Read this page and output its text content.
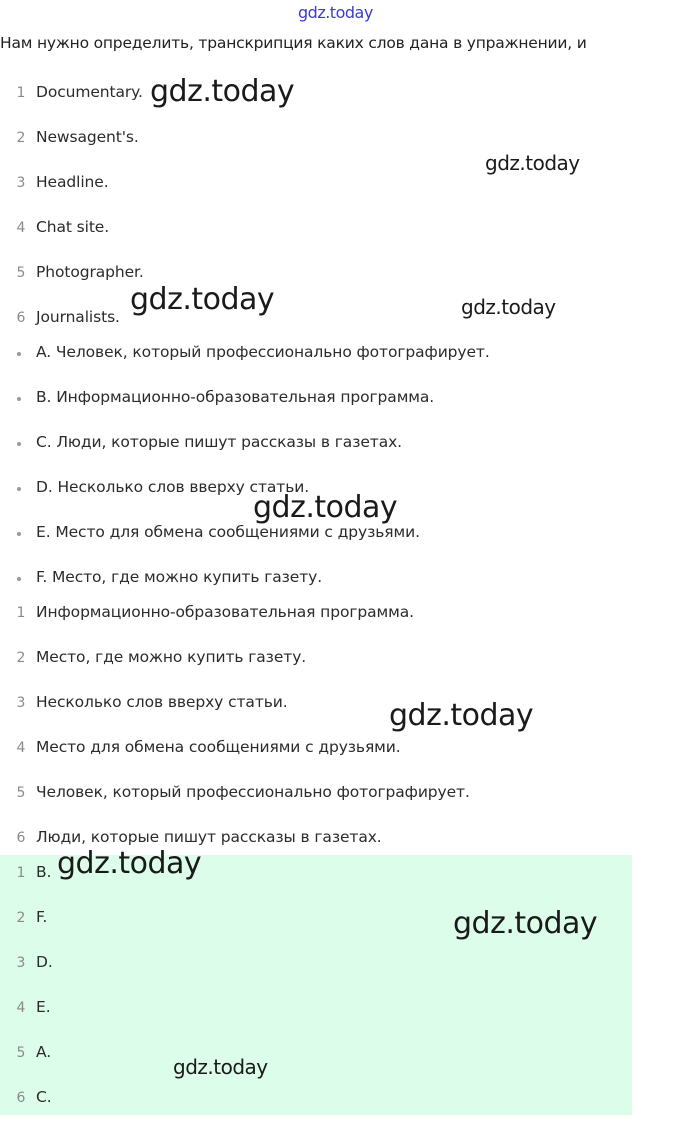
gdz.today
Нам нужно определить, транскрипция каких слов дана в упражнении, и
1 Documentary.
2 Newsagent's.
3 Headline.
4 Chat site.
5 Photographer.
6 Journalists.
A. Человек, который профессионально фотографирует.
B. Информационно-образовательная программа.
C. Люди, которые пишут рассказы в газетах.
D. Несколько слов вверху статьи.
E. Место для обмена сообщениями с друзьями.
F. Место, где можно купить газету.
1 Информационно-образовательная программа.
2 Место, где можно купить газету.
3 Несколько слов вверху статьи.
4 Место для обмена сообщениями с друзьями.
5 Человек, который профессионально фотографирует.
6 Люди, которые пишут рассказы в газетах.
1 B.
2 F.
3 D.
4 E.
5 A.
6 C.
gdz.today
gdz.today
gdz.today	gdz.today
gdz.today
gdz.today
gdz.today
gdz.today
gdz.today
